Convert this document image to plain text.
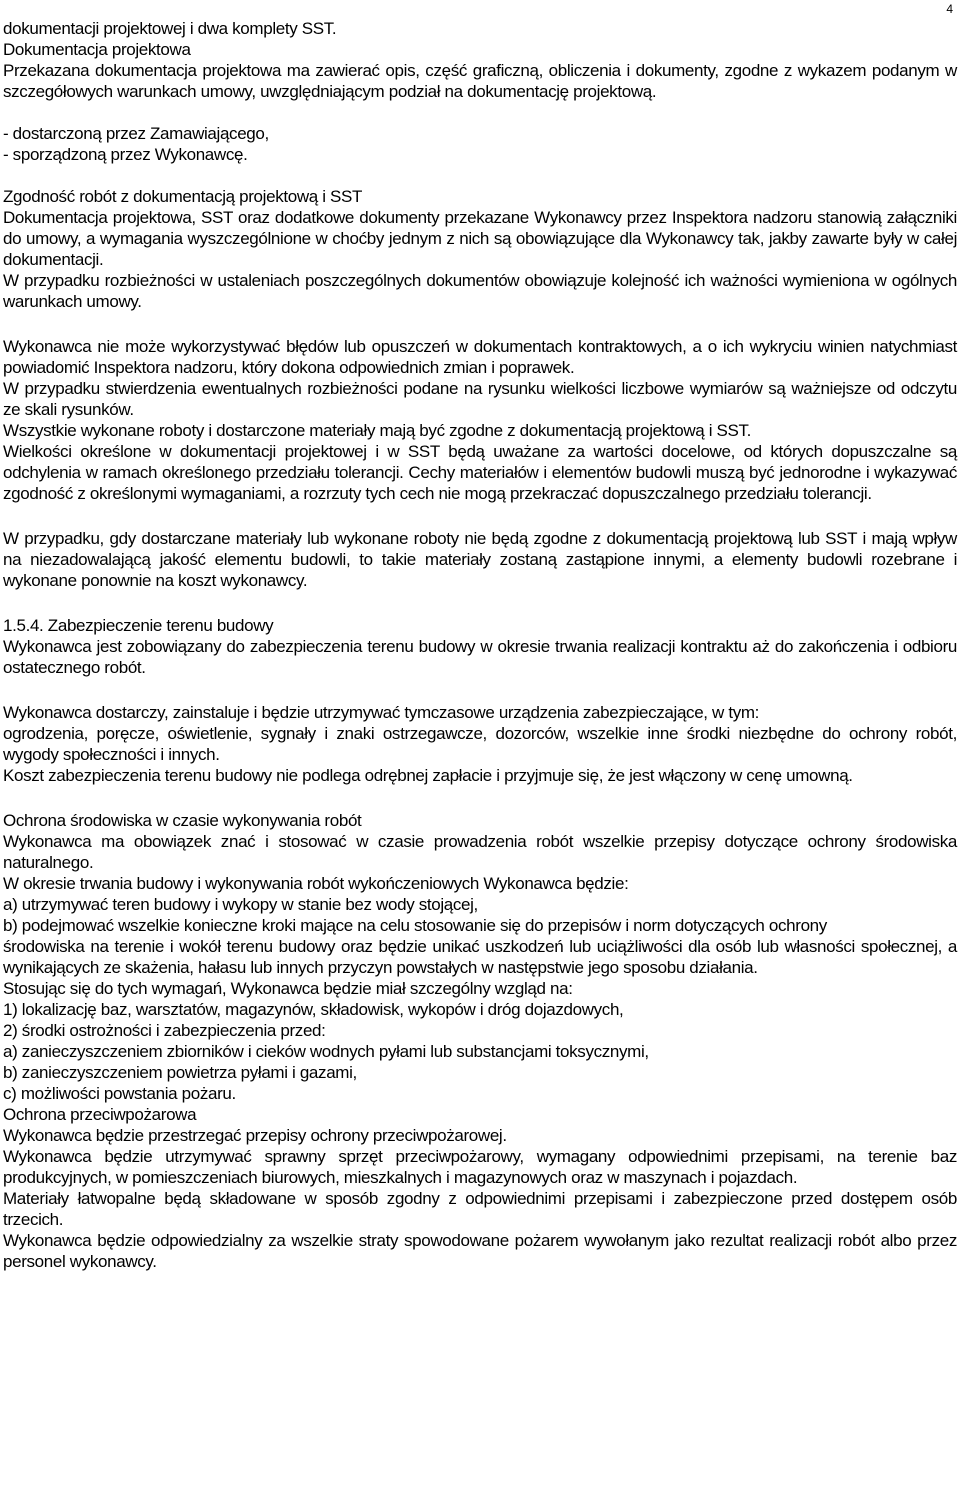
4

dokumentacji projektowej i dwa komplety SST.

Dokumentacja projektowa

Przekazana dokumentacja projektowa ma zawierać opis, część graficzną, obliczenia i dokumenty, zgodne z wykazem podanym w szczegółowych warunkach umowy, uwzględniającym podział na dokumentację projektową.

- dostarczoną przez Zamawiającego,

- sporządzoną przez Wykonawcę.

Zgodność robót z dokumentacją projektową i SST

Dokumentacja projektowa, SST oraz dodatkowe dokumenty przekazane Wykonawcy przez Inspektora nadzoru stanowią załączniki do umowy, a wymagania wyszczególnione w choćby jednym z nich są obowiązujące dla Wykonawcy tak, jakby zawarte były w całej dokumentacji.

W przypadku rozbieżności w ustaleniach poszczególnych dokumentów obowiązuje kolejność ich ważności wymieniona w ogólnych warunkach umowy.

Wykonawca nie może wykorzystywać błędów lub opuszczeń w dokumentach kontraktowych, a o ich wykryciu winien natychmiast powiadomić Inspektora nadzoru, który dokona odpowiednich zmian i poprawek.

W przypadku stwierdzenia ewentualnych rozbieżności podane na rysunku wielkości liczbowe wymiarów są ważniejsze od odczytu ze skali rysunków.

Wszystkie wykonane roboty i dostarczone materiały mają być zgodne z dokumentacją projektową i SST.

Wielkości określone w dokumentacji projektowej i w SST będą uważane za wartości docelowe, od których dopuszczalne są odchylenia w ramach określonego przedziału tolerancji. Cechy materiałów i elementów budowli muszą być jednorodne i wykazywać zgodność z określonymi wymaganiami, a rozrzuty tych cech nie mogą przekraczać dopuszczalnego przedziału tolerancji.

W przypadku, gdy dostarczane materiały lub wykonane roboty nie będą zgodne z dokumentacją projektową lub SST i mają wpływ na niezadowalającą jakość elementu budowli, to takie materiały zostaną zastąpione innymi, a elementy budowli rozebrane i wykonane ponownie na koszt wykonawcy.

1.5.4. Zabezpieczenie terenu budowy

Wykonawca jest zobowiązany do zabezpieczenia terenu budowy w okresie trwania realizacji kontraktu aż do zakończenia i odbioru ostatecznego robót.

Wykonawca dostarczy, zainstaluje i będzie utrzymywać tymczasowe urządzenia zabezpieczające, w tym:

ogrodzenia, poręcze, oświetlenie, sygnały i znaki ostrzegawcze, dozorców, wszelkie inne środki niezbędne do ochrony robót, wygody społeczności i innych.

Koszt zabezpieczenia terenu budowy nie podlega odrębnej zapłacie i przyjmuje się, że jest włączony w cenę umowną.

Ochrona środowiska w czasie wykonywania robót

Wykonawca ma obowiązek znać i stosować w czasie prowadzenia robót wszelkie przepisy dotyczące ochrony środowiska naturalnego.

W okresie trwania budowy i wykonywania robót wykończeniowych Wykonawca będzie:

a) utrzymywać teren budowy i wykopy w stanie bez wody stojącej,

b) podejmować wszelkie konieczne kroki mające na celu stosowanie się do przepisów i norm dotyczących ochrony

środowiska na terenie i wokół terenu budowy oraz będzie unikać uszkodzeń lub uciążliwości dla osób lub własności społecznej, a wynikających ze skażenia, hałasu lub innych przyczyn powstałych w następstwie jego sposobu działania.

Stosując się do tych wymagań, Wykonawca będzie miał szczególny wzgląd na:

1) lokalizację baz, warsztatów, magazynów, składowisk, wykopów i dróg dojazdowych,

2) środki ostrożności i zabezpieczenia przed:

a) zanieczyszczeniem zbiorników i cieków wodnych pyłami lub substancjami toksycznymi,

b) zanieczyszczeniem powietrza pyłami i gazami,

c) możliwości powstania pożaru.

Ochrona przeciwpożarowa

Wykonawca będzie przestrzegać przepisy ochrony przeciwpożarowej.

Wykonawca będzie utrzymywać sprawny sprzęt przeciwpożarowy, wymagany odpowiednimi przepisami, na terenie baz produkcyjnych, w pomieszczeniach biurowych, mieszkalnych i magazynowych oraz w maszynach i pojazdach.

Materiały łatwopalne będą składowane w sposób zgodny z odpowiednimi przepisami i zabezpieczone przed dostępem osób trzecich.

Wykonawca będzie odpowiedzialny za wszelkie straty spowodowane pożarem wywołanym jako rezultat realizacji robót albo przez personel wykonawcy.
